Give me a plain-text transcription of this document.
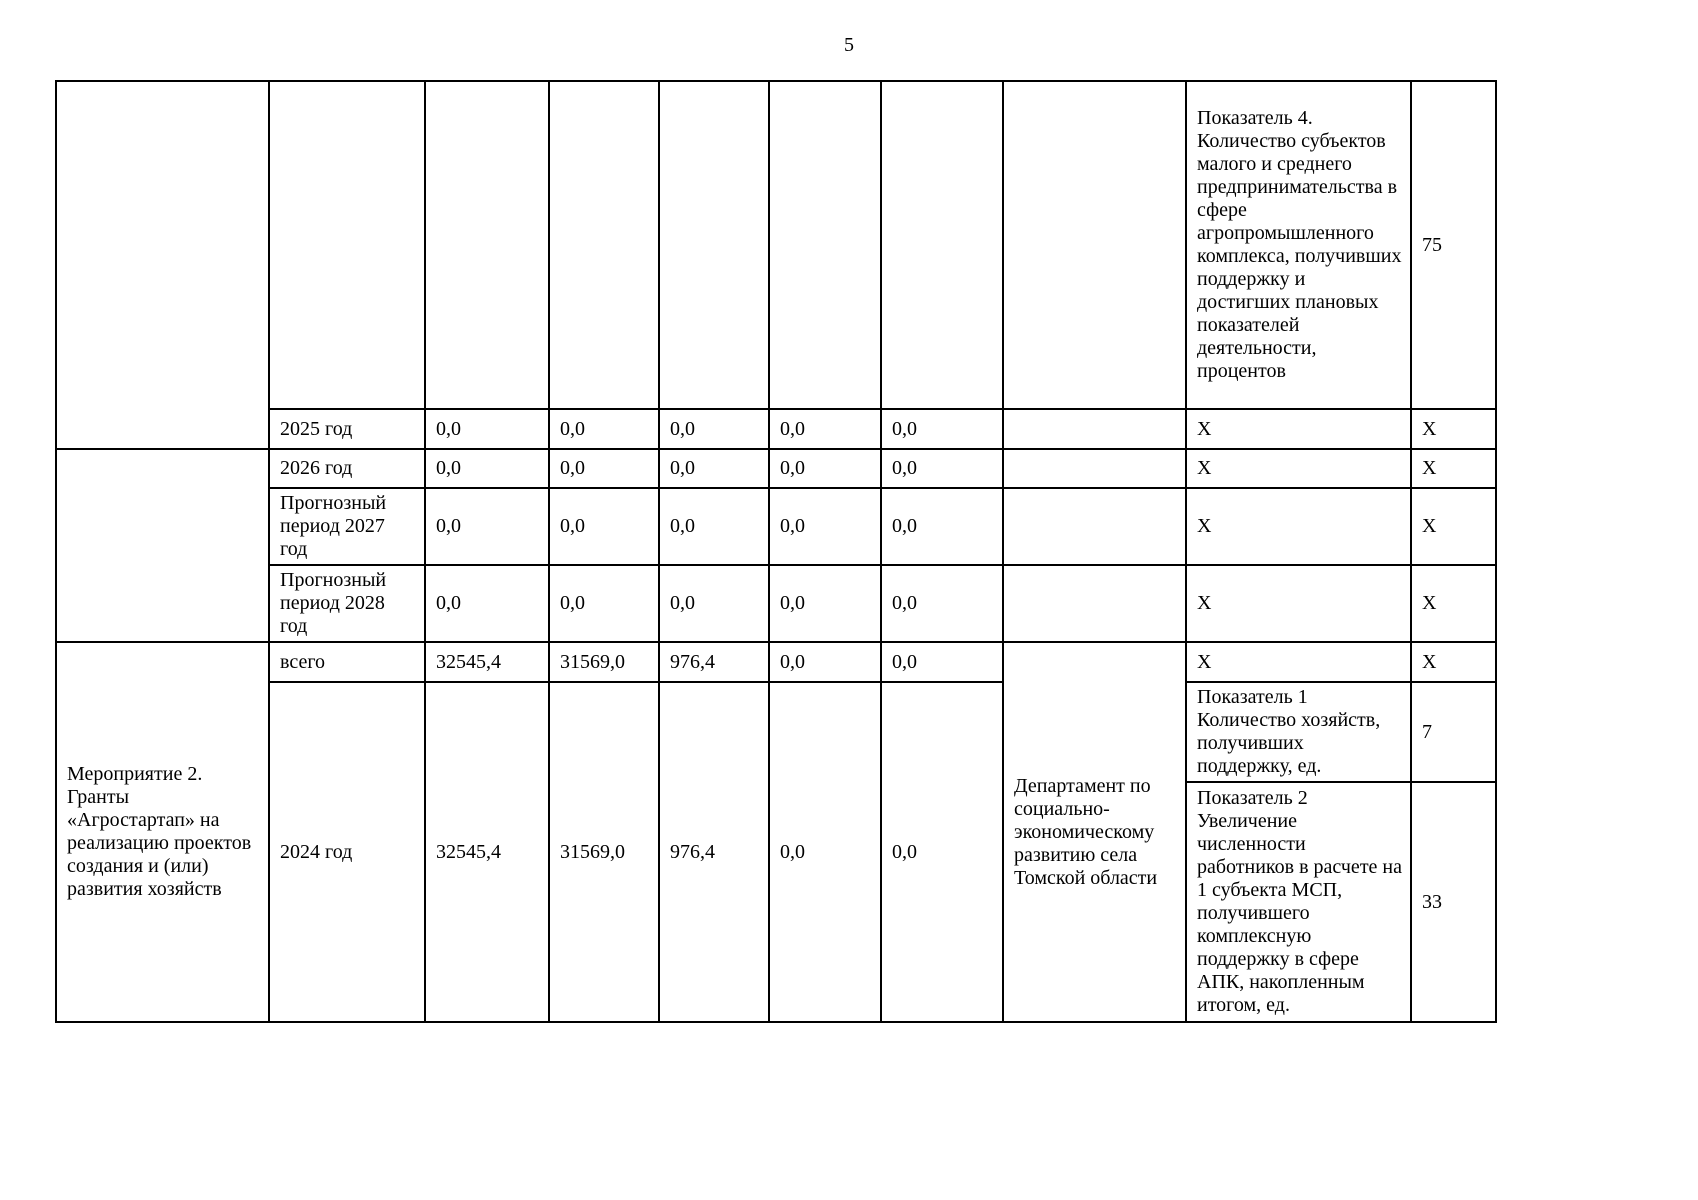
5
								Показатель 4. Количество субъектов малого и среднего предпринимательства в сфере агропромышленного комплекса, получивших поддержку и достигших плановых показателей деятельности, процентов	75
	2025 год	0,0	0,0	0,0	0,0	0,0		X	X
	2026 год	0,0	0,0	0,0	0,0	0,0		X	X
	Прогнозный период 2027 год	0,0	0,0	0,0	0,0	0,0		X	X
	Прогнозный период 2028 год	0,0	0,0	0,0	0,0	0,0		X	X
Мероприятие 2. Гранты «Агростартап» на реализацию проектов создания и (или) развития хозяйств	всего	32545,4	31569,0	976,4	0,0	0,0	Департамент по социально-экономическому развитию села Томской области	X	X
	2024 год	32545,4	31569,0	976,4	0,0	0,0		Показатель 1 Количество хозяйств, получивших поддержку, ед.	7
								Показатель 2 Увеличение численности работников в расчете на 1 субъекта МСП, получившего комплексную поддержку в сфере АПК, накопленным итогом, ед.	33
